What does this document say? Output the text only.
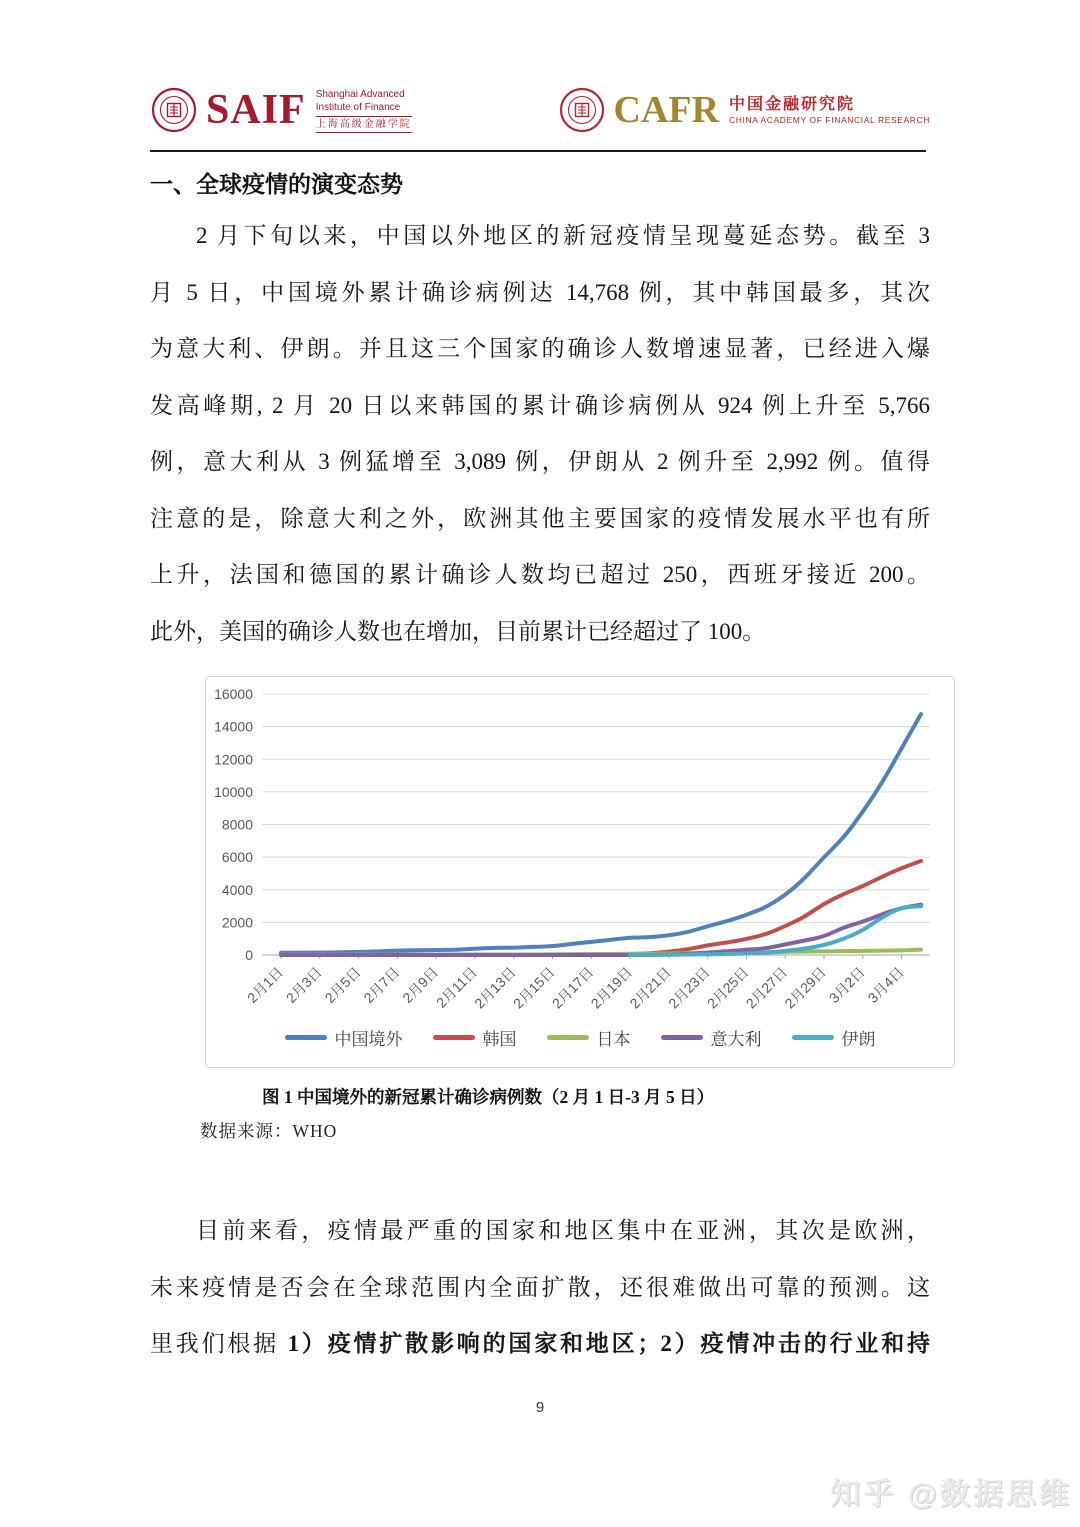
SAIF Shanghai Advanced
Institute of Finance
上海高级金融学院	CAFR 中国金融研究院
CHINA ACADEMY OF FINANCIAL RESEARCH
一、全球疫情的演变态势
2 月下旬以来，中国以外地区的新冠疫情呈现蔓延态势。截至 3
月 5 日，中国境外累计确诊病例达 14,768 例，其中韩国最多，其次
为意大利、伊朗。并且这三个国家的确诊人数增速显著，已经进入爆
发高峰期, 2 月 20 日以来韩国的累计确诊病例从 924 例上升至 5,766
例，意大利从 3 例猛增至 3,089 例，伊朗从 2 例升至 2,992 例。值得
注意的是，除意大利之外，欧洲其他主要国家的疫情发展水平也有所
上升，法国和德国的累计确诊人数均已超过 250，西班牙接近 200。
此外，美国的确诊人数也在增加，目前累计已经超过了 100。
0
2000
4000
6000
8000
10000
12000
14000
16000
2月1日
2月3日
2月5日
2月7日
2月9日
2月11日
2月13日
2月15日
2月17日
2月19日
2月21日
2月23日
2月25日
2月27日
2月29日
3月2日
3月4日
中国境外	韩国	日本	意大利	伊朗
图 1 中国境外的新冠累计确诊病例数（2 月 1 日-3 月 5 日）
数据来源：WHO
目前来看，疫情最严重的国家和地区集中在亚洲，其次是欧洲，
未来疫情是否会在全球范围内全面扩散，还很难做出可靠的预测。这
里我们根据 1）疫情扩散影响的国家和地区；2）疫情冲击的行业和持
9
知乎 @数据思维
